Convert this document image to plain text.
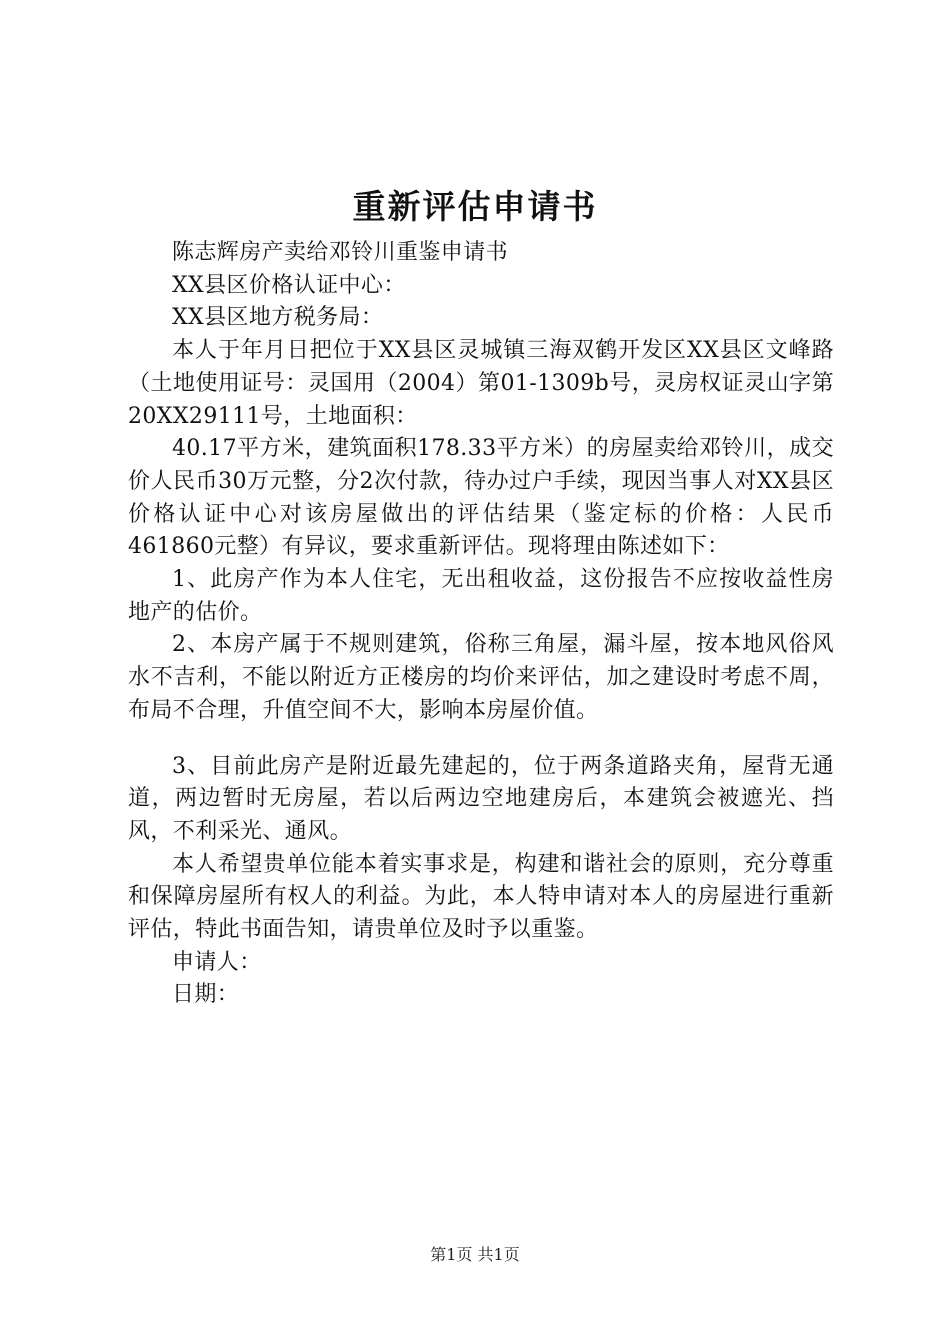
重新评估申请书

陈志辉房产卖给邓铃川重鉴申请书

XX县区价格认证中心：

XX县区地方税务局：

本人于年月日把位于XX县区灵城镇三海双鹤开发区XX县区文峰路（土地使用证号：灵国用（2004）第01-1309b号，灵房权证灵山字第20XX29111号，土地面积：

40.17平方米，建筑面积178.33平方米）的房屋卖给邓铃川，成交价人民币30万元整，分2次付款，待办过户手续，现因当事人对XX县区价格认证中心对该房屋做出的评估结果（鉴定标的价格：人民币461860元整）有异议，要求重新评估。现将理由陈述如下：

1、此房产作为本人住宅，无出租收益，这份报告不应按收益性房地产的估价。

2、本房产属于不规则建筑，俗称三角屋，漏斗屋，按本地风俗风水不吉利，不能以附近方正楼房的均价来评估，加之建设时考虑不周，布局不合理，升值空间不大，影响本房屋价值。

3、目前此房产是附近最先建起的，位于两条道路夹角，屋背无通道，两边暂时无房屋，若以后两边空地建房后，本建筑会被遮光、挡风，不利采光、通风。

本人希望贵单位能本着实事求是，构建和谐社会的原则，充分尊重和保障房屋所有权人的利益。为此，本人特申请对本人的房屋进行重新评估，特此书面告知，请贵单位及时予以重鉴。

申请人：

日期：

第1页 共1页
